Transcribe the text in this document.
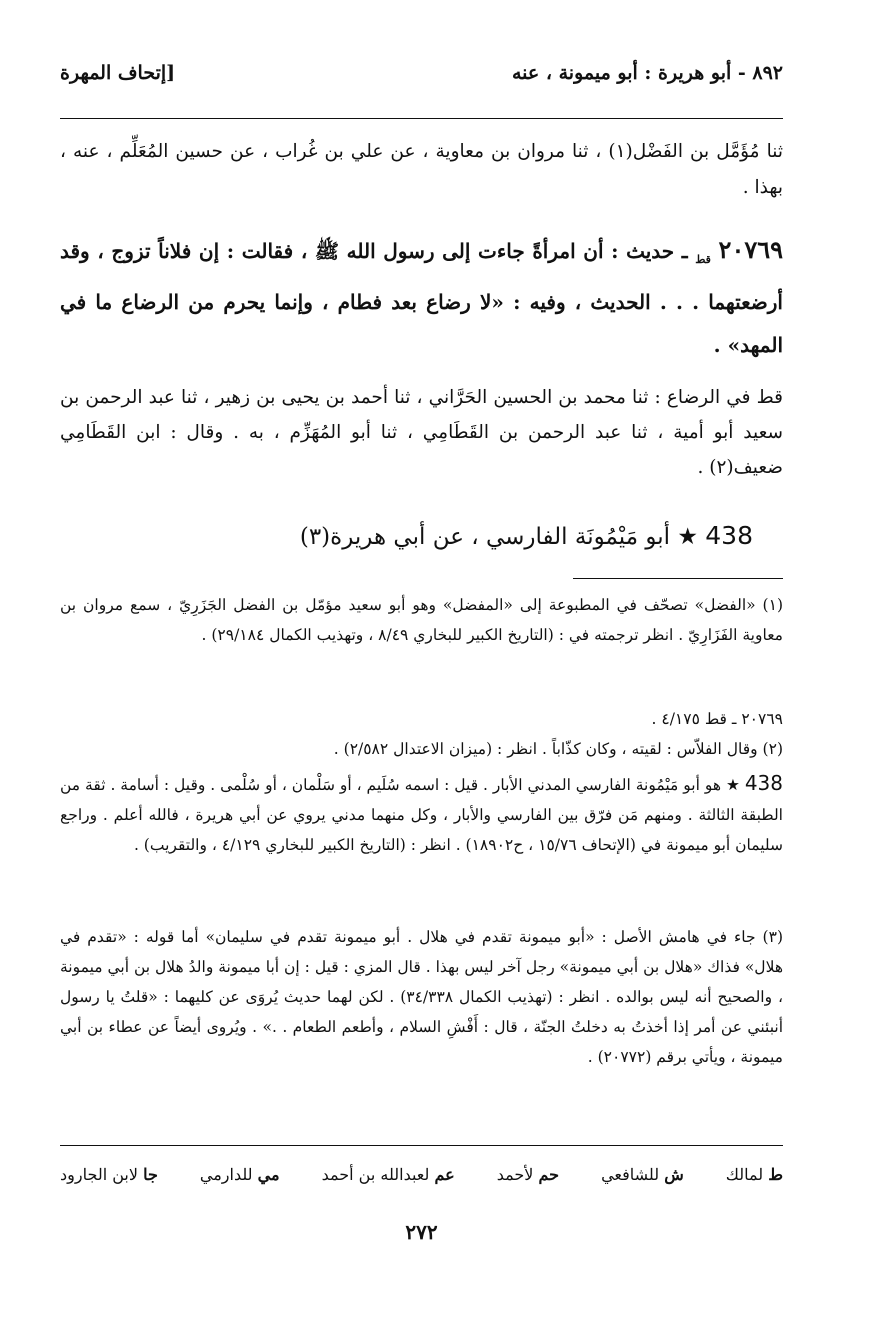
٨٩٢ - أبو هريرة : أبو ميمونة ، عنه
[إتحاف المهرة
ثنا مُؤَمَّل بن الفَضْل(١) ، ثنا مروان بن معاوية ، عن علي بن غُراب ، عن حسين المُعَلِّم ، عنه ، بهذا .
٢٠٧٦٩ $_{قط}$ ـ حديث : أن امرأةً جاءت إلى رسول الله ﷺ ، فقالت : إن فلاناً تزوج ، وقد أرضعتهما . . . الحديث ، وفيه : «لا رضاع بعد فطام ، وإنما يحرم من الرضاع ما في المهد» .
قط في الرضاع : ثنا محمد بن الحسين الحَرَّاني ، ثنا أحمد بن يحيى بن زهير ، ثنا عبد الرحمن بن سعيد أبو أمية ، ثنا عبد الرحمن بن القَطَامِي ، ثنا أبو المُهَزِّم ، به . وقال : ابن القَطَامِي ضعيف(٢) .
438 ★ أبو مَيْمُونَة الفارسي ، عن أبي هريرة(٣)
(١) «الفضل» تصحّف في المطبوعة إلى «المفضل» وهو أبو سعيد مؤمّل بن الفضل الجَزَرِيّ ، سمع مروان بن معاوية الفَزَارِيّ . انظر ترجمته في : (التاريخ الكبير للبخاري ٨/٤٩ ، وتهذيب الكمال ٢٩/١٨٤) .
٢٠٧٦٩ ـ قط ٤/١٧٥ .
(٢) وقال الفلاّس : لقيته ، وكان كذّاباً . انظر : (ميزان الاعتدال ٢/٥٨٢) .
438 ★ هو أبو مَيْمُونة الفارسي المدني الأبار . قيل : اسمه سُلَيم ، أو سَلْمان ، أو سُلْمى . وقيل : أسامة . ثقة من الطبقة الثالثة . ومنهم مَن فرّق بين الفارسي والأبار ، وكل منهما مدني يروي عن أبي هريرة ، فالله أعلم . وراجع سليمان أبو ميمونة في (الإتحاف ١٥/٧٦ ، ح١٨٩٠٢) . انظر : (التاريخ الكبير للبخاري ٤/١٢٩ ، والتقريب) .
(٣) جاء في هامش الأصل : «أبو ميمونة تقدم في هلال . أبو ميمونة تقدم في سليمان» أما قوله : «تقدم في هلال» فذاك «هلال بن أبي ميمونة» رجل آخر ليس بهذا . قال المزي : قيل : إن أبا ميمونة والدُ هلال بن أبي ميمونة ، والصحيح أنه ليس بوالده . انظر : (تهذيب الكمال ٣٤/٣٣٨) . لكن لهما حديث يُروَى عن كليهما : «قلتُ يا رسول أنبئني عن أمر إذا أخذتُ به دخلتُ الجنّة ، قال : أَفْشِ السلام ، وأطعم الطعام . .» . ويُروى أيضاً عن عطاء بن أبي ميمونة ، ويأتي برقم (٢٠٧٧٢) .
ط لمالك
ش للشافعي
حم لأحمد
عم لعبدالله بن أحمد
مي للدارمي
جا لابن الجارود
٢٧٢
